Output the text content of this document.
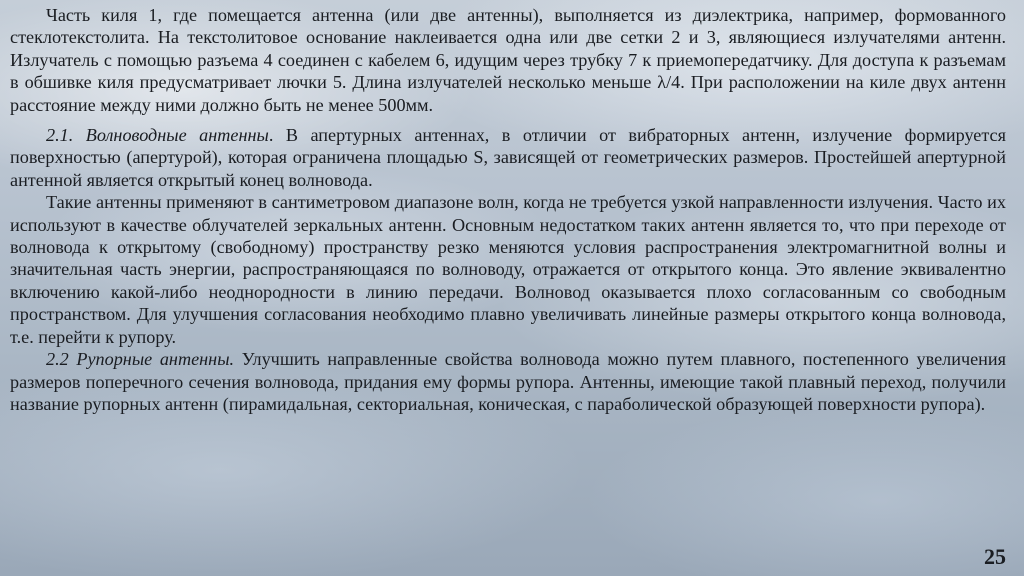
Часть киля 1, где помещается антенна (или две антенны), выполняется из диэлектрика, например, формованного стеклотекстолита. На текстолитовое основание наклеивается одна или две сетки 2 и 3, являющиеся излучателями антенн. Излучатель с помощью разъема 4 соединен с кабелем 6, идущим через трубку 7 к приемопередатчику. Для доступа к разъемам в обшивке киля предусматривает лючки 5. Длина излучателей несколько меньше λ/4. При расположении на киле двух антенн расстояние между ними должно быть не менее 500мм.

2.1. Волноводные антенны. В апертурных антеннах, в отличии от вибраторных антенн, излучение формируется поверхностью (апертурой), которая ограничена площадью S, зависящей от геометрических размеров. Простейшей апертурной антенной является открытый конец волновода.

Такие антенны применяют в сантиметровом диапазоне волн, когда не требуется узкой направленности излучения. Часто их используют в качестве облучателей зеркальных антенн. Основным недостатком таких антенн является то, что при переходе от волновода к открытому (свободному) пространству резко меняются условия распространения электромагнитной волны и значительная часть энергии, распространяющаяся по волноводу, отражается от открытого конца. Это явление эквивалентно включению какой-либо неоднородности в линию передачи. Волновод оказывается плохо согласованным со свободным пространством. Для улучшения согласования необходимо плавно увеличивать линейные размеры открытого конца волновода, т.е. перейти к рупору.

2.2 Рупорные антенны. Улучшить направленные свойства волновода можно путем плавного, постепенного увеличения размеров поперечного сечения волновода, придания ему формы рупора. Антенны, имеющие такой плавный переход, получили название рупорных антенн (пирамидальная, секториальная, коническая, с параболической образующей поверхности рупора).

25
